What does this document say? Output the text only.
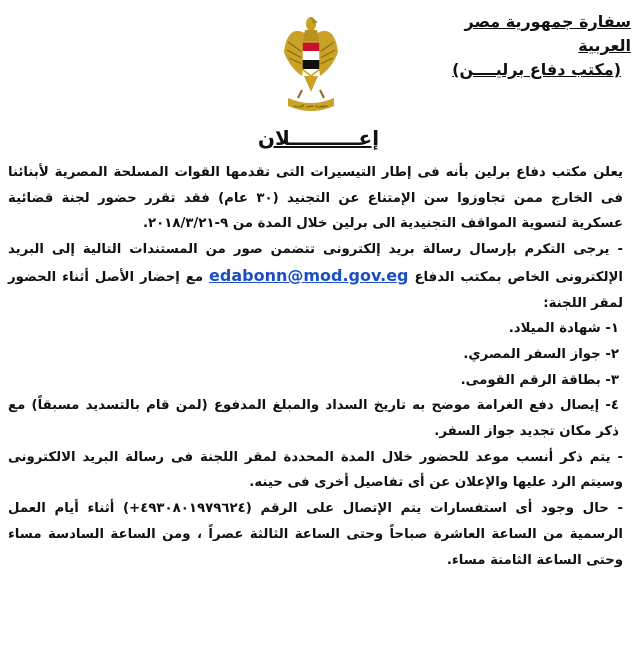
سفارة جمهورية مصر العربية
(مكتب دفاع برليــــن)
جمهورية مصر العربية
إعــــــــــلان

يعلن مكتب دفاع برلين بأنه فى إطار التيسيرات التى تقدمها القوات المسلحة المصرية لأبنائنا فى الخارج ممن تجاوزوا سن الإمتناع عن التجنيد (٣٠ عام) فقد تقرر حضور لجنة قضائية عسكرية لتسوية المواقف التجنيدية الى برلين خلال المدة من ٩-٢٠١٨/٣/٢١.

- يرجى التكرم بإرسال رسالة بريد إلكترونى تتضمن صور من المستندات التالية إلى البريد الإلكترونى الخاص بمكتب الدفاع edabonn@mod.gov.eg مع إحضار الأصل أثناء الحضور لمقر اللجنة:

١- شهادة الميلاد.

٢- جواز السفر المصري.

٣- بطاقة الرقم القومى.

٤- إيصال دفع الغرامة موضح به تاريخ السداد والمبلغ المدفوع (لمن قام بالتسديد مسبقاً) مع ذكر مكان تجديد جواز السفر.

- يتم ذكر أنسب موعد للحضور خلال المدة المحددة لمقر اللجنة فى رسالة البريد الالكترونى وسيتم الرد عليها والإعلان عن أى تفاصيل أخرى فى حينه.

- حال وجود أى استفسارات يتم الإتصال على الرقم (٤٩٣٠٨٠١٩٧٩٦٢٤+) أثناء أيام العمل الرسمية من الساعة العاشرة صباحاً وحتى الساعة الثالثة عصراً ، ومن الساعة السادسة مساء وحتى الساعة الثامنة مساء.
